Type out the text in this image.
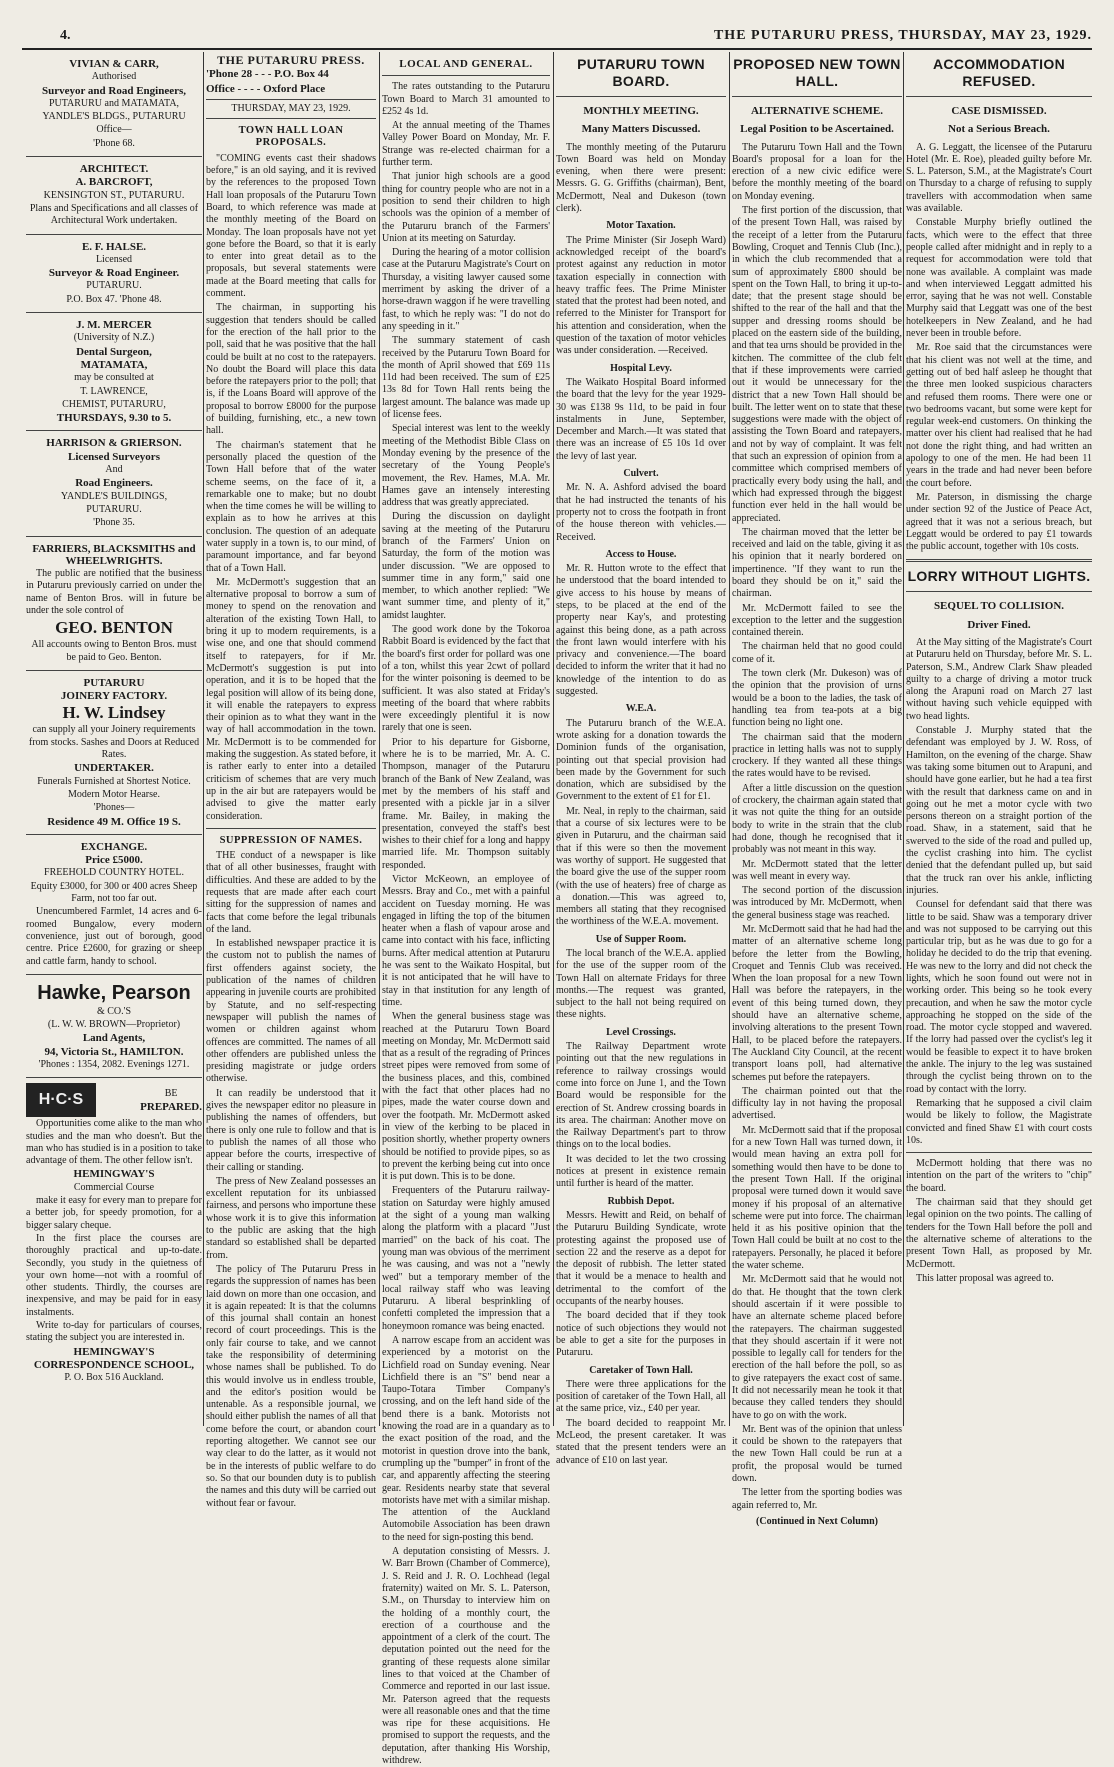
4.	THE PUTARURU PRESS, THURSDAY, MAY 23, 1929.

VIVIAN & CARR,

Authorised

Surveyor and Road Engineers,

PUTARURU and MATAMATA,

YANDLE'S BLDGS., PUTARURU

Office—

'Phone 68.

ARCHITECT.

A. BARCROFT,

KENSINGTON ST., PUTARURU.

Plans and Specifications and all classes of Architectural Work undertaken.

E. F. HALSE.

Licensed

Surveyor & Road Engineer.

PUTARURU.

P.O. Box 47. 'Phone 48.

J. M. MERCER

(University of N.Z.)

Dental Surgeon,

MATAMATA,

may be consulted at

T. LAWRENCE,

CHEMIST, PUTARURU,

THURSDAYS, 9.30 to 5.

HARRISON & GRIERSON.

Licensed Surveyors

And

Road Engineers.

YANDLE'S BUILDINGS,

PUTARURU.

'Phone 35.

FARRIERS, BLACKSMITHS and WHEELWRIGHTS.

The public are notified that the business in Putaruru previously carried on under the name of Benton Bros. will in future be under the sole control of

GEO. BENTON

All accounts owing to Benton Bros. must be paid to Geo. Benton.

PUTARURU

JOINERY FACTORY.

H. W. Lindsey

can supply all your Joinery requirements from stocks. Sashes and Doors at Reduced Rates.

UNDERTAKER.

Funerals Furnished at Shortest Notice.

Modern Motor Hearse.

'Phones—

Residence 49 M. Office 19 S.

EXCHANGE.

Price £5000.

FREEHOLD COUNTRY HOTEL.

Equity £3000, for 300 or 400 acres Sheep Farm, not too far out.

Unencumbered Farmlet, 14 acres and 6-roomed Bungalow, every modern convenience, just out of borough, good centre. Price £2600, for grazing or sheep and cattle farm, handy to school.

Hawke, Pearson

& CO.'S

(L. W. W. BROWN—Proprietor)

Land Agents,

94, Victoria St., HAMILTON.

'Phones : 1354, 2082. Evenings 1271.

H·C·S	BE

PREPARED.

Opportunities come alike to the man who studies and the man who doesn't. But the man who has studied is in a position to take advantage of them. The other fellow isn't.

HEMINGWAY'S

Commercial Course

make it easy for every man to prepare for a better job, for speedy promotion, for a bigger salary cheque.

In the first place the courses are thoroughly practical and up-to-date. Secondly, you study in the quietness of your own home—not with a roomful of other students. Thirdly, the courses are inexpensive, and may be paid for in easy instalments.

Write to-day for particulars of courses, stating the subject you are interested in.

HEMINGWAY'S

CORRESPONDENCE SCHOOL,

P. O. Box 516 Auckland.

THE PUTARURU PRESS.

'Phone 28 - - - P.O. Box 44

Office - - - - Oxford Place

THURSDAY, MAY 23, 1929.

TOWN HALL LOAN PROPOSALS.

"COMING events cast their shadows before," is an old saying, and it is revived by the references to the proposed Town Hall loan proposals of the Putaruru Town Board, to which reference was made at the monthly meeting of the Board on Monday. The loan proposals have not yet gone before the Board, so that it is early to enter into great detail as to the proposals, but several statements were made at the Board meeting that calls for comment.

The chairman, in supporting his suggestion that tenders should be called for the erection of the hall prior to the poll, said that he was positive that the hall could be built at no cost to the ratepayers. No doubt the Board will place this data before the ratepayers prior to the poll; that is, if the Loans Board will approve of the proposal to borrow £8000 for the purpose of building, furnishing, etc., a new town hall.

The chairman's statement that he personally placed the question of the Town Hall before that of the water scheme seems, on the face of it, a remarkable one to make; but no doubt when the time comes he will be willing to explain as to how he arrives at this conclusion. The question of an adequate water supply in a town is, to our mind, of paramount importance, and far beyond that of a Town Hall.

Mr. McDermott's suggestion that an alternative proposal to borrow a sum of money to spend on the renovation and alteration of the existing Town Hall, to bring it up to modern requirements, is a wise one, and one that should commend itself to ratepayers, for if Mr. McDermott's suggestion is put into operation, and it is to be hoped that the legal position will allow of its being done, it will enable the ratepayers to express their opinion as to what they want in the way of hall accommodation in the town. Mr. McDermott is to be commended for making the suggestion. As stated before, it is rather early to enter into a detailed criticism of schemes that are very much up in the air but are ratepayers would be advised to give the matter early consideration.

SUPPRESSION OF NAMES.

THE conduct of a newspaper is like that of all other businesses, fraught with difficulties. And these are added to by the requests that are made after each court sitting for the suppression of names and facts that come before the legal tribunals of the land.

In established newspaper practice it is the custom not to publish the names of first offenders against society, the publication of the names of children appearing in juvenile courts are prohibited by Statute, and no self-respecting newspaper will publish the names of women or children against whom offences are committed. The names of all other offenders are published unless the presiding magistrate or judge orders otherwise.

It can readily be understood that it gives the newspaper editor no pleasure in publishing the names of offenders, but there is only one rule to follow and that is to publish the names of all those who appear before the courts, irrespective of their calling or standing.

The press of New Zealand possesses an excellent reputation for its unbiassed fairness, and persons who importune these whose work it is to give this information to the public are asking that the high standard so established shall be departed from.

The policy of The Putaruru Press in regards the suppression of names has been laid down on more than one occasion, and it is again repeated: It is that the columns of this journal shall contain an honest record of court proceedings. This is the only fair course to take, and we cannot take the responsibility of determining whose names shall be published. To do this would involve us in endless trouble, and the editor's position would be untenable. As a responsible journal, we should either publish the names of all that come before the court, or abandon court reporting altogether. We cannot see our way clear to do the latter, as it would not be in the interests of public welfare to do so. So that our bounden duty is to publish the names and this duty will be carried out without fear or favour.

LOCAL AND GENERAL.

The rates outstanding to the Putaruru Town Board to March 31 amounted to £252 4s 1d.

At the annual meeting of the Thames Valley Power Board on Monday, Mr. F. Strange was re-elected chairman for a further term.

That junior high schools are a good thing for country people who are not in a position to send their children to high schools was the opinion of a member of the Putaruru branch of the Farmers' Union at its meeting on Saturday.

During the hearing of a motor collision case at the Putaruru Magistrate's Court on Thursday, a visiting lawyer caused some merriment by asking the driver of a horse-drawn waggon if he were travelling fast, to which he reply was: "I do not do any speeding in it."

The summary statement of cash received by the Putaruru Town Board for the month of April showed that £69 11s 11d had been received. The sum of £25 13s 8d for Town Hall rents being the largest amount. The balance was made up of license fees.

Special interest was lent to the weekly meeting of the Methodist Bible Class on Monday evening by the presence of the secretary of the Young People's movement, the Rev. Hames, M.A. Mr. Hames gave an intensely interesting address that was greatly appreciated.

During the discussion on daylight saving at the meeting of the Putaruru branch of the Farmers' Union on Saturday, the form of the motion was under discussion. "We are opposed to summer time in any form," said one member, to which another replied: "We want summer time, and plenty of it," amidst laughter.

The good work done by the Tokoroa Rabbit Board is evidenced by the fact that the board's first order for pollard was one of a ton, whilst this year 2cwt of pollard for the winter poisoning is deemed to be sufficient. It was also stated at Friday's meeting of the board that where rabbits were exceedingly plentiful it is now rarely that one is seen.

Prior to his departure for Gisborne, where he is to be married, Mr. A. C. Thompson, manager of the Putaruru branch of the Bank of New Zealand, was met by the members of his staff and presented with a pickle jar in a silver frame. Mr. Bailey, in making the presentation, conveyed the staff's best wishes to their chief for a long and happy married life. Mr. Thompson suitably responded.

Victor McKeown, an employee of Messrs. Bray and Co., met with a painful accident on Tuesday morning. He was engaged in lifting the top of the bitumen heater when a flash of vapour arose and came into contact with his face, inflicting burns. After medical attention at Putaruru he was sent to the Waikato Hospital, but it is not anticipated that he will have to stay in that institution for any length of time.

When the general business stage was reached at the Putaruru Town Board meeting on Monday, Mr. McDermott said that as a result of the regrading of Princes street pipes were removed from some of the business places, and this, combined with the fact that other places had no pipes, made the water course down and over the footpath. Mr. McDermott asked in view of the kerbing to be placed in position shortly, whether property owners should be notified to provide pipes, so as to prevent the kerbing being cut into once it is put down. This is to be done.

Frequenters of the Putaruru railway-station on Saturday were highly amused at the sight of a young man walking along the platform with a placard "Just married" on the back of his coat. The young man was obvious of the merriment he was causing, and was not a "newly wed" but a temporary member of the local railway staff who was leaving Putaruru. A liberal besprinkling of confetti completed the impression that a honeymoon romance was being enacted.

A narrow escape from an accident was experienced by a motorist on the Lichfield road on Sunday evening. Near Lichfield there is an "S" bend near a Taupo-Totara Timber Company's crossing, and on the left hand side of the bend there is a bank. Motorists not knowing the road are in a quandary as to the exact position of the road, and the motorist in question drove into the bank, crumpling up the "bumper" in front of the car, and apparently affecting the steering gear. Residents nearby state that several motorists have met with a similar mishap. The attention of the Auckland Automobile Association has been drawn to the need for sign-posting this bend.

A deputation consisting of Messrs. J. W. Barr Brown (Chamber of Commerce), J. S. Reid and J. R. O. Lochhead (legal fraternity) waited on Mr. S. L. Paterson, S.M., on Thursday to interview him on the holding of a monthly court, the erection of a courthouse and the appointment of a clerk of the court. The deputation pointed out the need for the granting of these requests alone similar lines to that voiced at the Chamber of Commerce and reported in our last issue. Mr. Paterson agreed that the requests were all reasonable ones and that the time was ripe for these acquisitions. He promised to support the requests, and the deputation, after thanking His Worship, withdrew.

PUTARURU TOWN BOARD.

MONTHLY MEETING.

Many Matters Discussed.

The monthly meeting of the Putaruru Town Board was held on Monday evening, when there were present: Messrs. G. G. Griffiths (chairman), Bent, McDermott, Neal and Dukeson (town clerk).

Motor Taxation.

The Prime Minister (Sir Joseph Ward) acknowledged receipt of the board's protest against any reduction in motor taxation especially in connection with heavy traffic fees. The Prime Minister stated that the protest had been noted, and referred to the Minister for Transport for his attention and consideration, when the question of the taxation of motor vehicles was under consideration. —Received.

Hospital Levy.

The Waikato Hospital Board informed the board that the levy for the year 1929-30 was £138 9s 11d, to be paid in four instalments in June, September, December and March.—It was stated that there was an increase of £5 10s 1d over the levy of last year.

Culvert.

Mr. N. A. Ashford advised the board that he had instructed the tenants of his property not to cross the footpath in front of the house thereon with vehicles.—Received.

Access to House.

Mr. R. Hutton wrote to the effect that he understood that the board intended to give access to his house by means of steps, to be placed at the end of the property near Kay's, and protesting against this being done, as a path across the front lawn would interfere with his privacy and convenience.—The board decided to inform the writer that it had no knowledge of the intention to do as suggested.

W.E.A.

The Putaruru branch of the W.E.A. wrote asking for a donation towards the Dominion funds of the organisation, pointing out that special provision had been made by the Government for such donation, which are subsidised by the Government to the extent of £1 for £1.

Mr. Neal, in reply to the chairman, said that a course of six lectures were to be given in Putaruru, and the chairman said that if this were so then the movement was worthy of support. He suggested that the board give the use of the supper room (with the use of heaters) free of charge as a donation.—This was agreed to, members all stating that they recognised the worthiness of the W.E.A. movement.

Use of Supper Room.

The local branch of the W.E.A. applied for the use of the supper room of the Town Hall on alternate Fridays for three months.—The request was granted, subject to the hall not being required on these nights.

Level Crossings.

The Railway Department wrote pointing out that the new regulations in reference to railway crossings would come into force on June 1, and the Town Board would be responsible for the erection of St. Andrew crossing boards in its area. The chairman: Another move on the Railway Department's part to throw things on to the local bodies.

It was decided to let the two crossing notices at present in existence remain until further is heard of the matter.

Rubbish Depot.

Messrs. Hewitt and Reid, on behalf of the Putaruru Building Syndicate, wrote protesting against the proposed use of section 22 and the reserve as a depot for the deposit of rubbish. The letter stated that it would be a menace to health and detrimental to the comfort of the occupants of the nearby houses.

The board decided that if they took notice of such objections they would not be able to get a site for the purposes in Putaruru.

Caretaker of Town Hall.

There were three applications for the position of caretaker of the Town Hall, all at the same price, viz., £40 per year.

The board decided to reappoint Mr. McLeod, the present caretaker. It was stated that the present tenders were an advance of £10 on last year.

PROPOSED NEW TOWN HALL.

ALTERNATIVE SCHEME.

Legal Position to be Ascertained.

The Putaruru Town Hall and the Town Board's proposal for a loan for the erection of a new civic edifice were before the monthly meeting of the board on Monday evening.

The first portion of the discussion, that of the present Town Hall, was raised by the receipt of a letter from the Putaruru Bowling, Croquet and Tennis Club (Inc.), in which the club recommended that a sum of approximately £800 should be spent on the Town Hall, to bring it up-to-date; that the present stage should be shifted to the rear of the hall and that the supper and dressing rooms should be placed on the eastern side of the building, and that tea urns should be provided in the kitchen. The committee of the club felt that if these improvements were carried out it would be unnecessary for the district that a new Town Hall should be built. The letter went on to state that these suggestions were made with the object of assisting the Town Board and ratepayers, and not by way of complaint. It was felt that such an expression of opinion from a committee which comprised members of practically every body using the hall, and which had expressed through the biggest function ever held in the hall would be appreciated.

The chairman moved that the letter be received and laid on the table, giving it as his opinion that it nearly bordered on impertinence. "If they want to run the board they should be on it," said the chairman.

Mr. McDermott failed to see the exception to the letter and the suggestion contained therein.

The chairman held that no good could come of it.

The town clerk (Mr. Dukeson) was of the opinion that the provision of urns would be a boon to the ladies, the task of handling tea from tea-pots at a big function being no light one.

The chairman said that the modern practice in letting halls was not to supply crockery. If they wanted all these things the rates would have to be revised.

After a little discussion on the question of crockery, the chairman again stated that it was not quite the thing for an outside body to write in the strain that the club had done, though he recognised that it probably was not meant in this way.

Mr. McDermott stated that the letter was well meant in every way.

The second portion of the discussion was introduced by Mr. McDermott, when the general business stage was reached.

Mr. McDermott said that he had had the matter of an alternative scheme long before the letter from the Bowling, Croquet and Tennis Club was received. When the loan proposal for a new Town Hall was before the ratepayers, in the event of this being turned down, they should have an alternative scheme, involving alterations to the present Town Hall, to be placed before the ratepayers. The Auckland City Council, at the recent transport loans poll, had alternative schemes put before the ratepayers.

The chairman pointed out that the difficulty lay in not having the proposal advertised.

Mr. McDermott said that if the proposal for a new Town Hall was turned down, it would mean having an extra poll for something would then have to be done to the present Town Hall. If the original proposal were turned down it would save money if his proposal of an alternative scheme were put into force. The chairman held it as his positive opinion that the Town Hall could be built at no cost to the ratepayers. Personally, he placed it before the water scheme.

Mr. McDermott said that he would not do that. He thought that the town clerk should ascertain if it were possible to have an alternate scheme placed before the ratepayers. The chairman suggested that they should ascertain if it were not possible to legally call for tenders for the erection of the hall before the poll, so as to give ratepayers the exact cost of same. It did not necessarily mean he took it that because they called tenders they should have to go on with the work.

Mr. Bent was of the opinion that unless it could be shown to the ratepayers that the new Town Hall could be run at a profit, the proposal would be turned down.

The letter from the sporting bodies was again referred to, Mr.

(Continued in Next Column)

ACCOMMODATION REFUSED.

CASE DISMISSED.

Not a Serious Breach.

A. G. Leggatt, the licensee of the Putaruru Hotel (Mr. E. Roe), pleaded guilty before Mr. S. L. Paterson, S.M., at the Magistrate's Court on Thursday to a charge of refusing to supply travellers with accommodation when same was available.

Constable Murphy briefly outlined the facts, which were to the effect that three people called after midnight and in reply to a request for accommodation were told that none was available. A complaint was made and when interviewed Leggatt admitted his error, saying that he was not well. Constable Murphy said that Leggatt was one of the best hotelkeepers in New Zealand, and he had never been in trouble before.

Mr. Roe said that the circumstances were that his client was not well at the time, and getting out of bed half asleep he thought that the three men looked suspicious characters and refused them rooms. There were one or two bedrooms vacant, but some were kept for regular week-end customers. On thinking the matter over his client had realised that he had not done the right thing, and had written an apology to one of the men. He had been 11 years in the trade and had never been before the court before.

Mr. Paterson, in dismissing the charge under section 92 of the Justice of Peace Act, agreed that it was not a serious breach, but Leggatt would be ordered to pay £1 towards the public account, together with 10s costs.

LORRY WITHOUT LIGHTS.

SEQUEL TO COLLISION.

Driver Fined.

At the May sitting of the Magistrate's Court at Putaruru held on Thursday, before Mr. S. L. Paterson, S.M., Andrew Clark Shaw pleaded guilty to a charge of driving a motor truck along the Arapuni road on March 27 last without having such vehicle equipped with two head lights.

Constable J. Murphy stated that the defendant was employed by J. W. Ross, of Hamilton, on the evening of the charge. Shaw was taking some bitumen out to Arapuni, and should have gone earlier, but he had a tea first with the result that darkness came on and in going out he met a motor cycle with two persons thereon on a straight portion of the road. Shaw, in a statement, said that he swerved to the side of the road and pulled up, the cyclist crashing into him. The cyclist denied that the defendant pulled up, but said that the truck ran over his ankle, inflicting injuries.

Counsel for defendant said that there was little to be said. Shaw was a temporary driver and was not supposed to be carrying out this particular trip, but as he was due to go for a holiday he decided to do the trip that evening. He was new to the lorry and did not check the lights, which he soon found out were not in working order. This being so he took every precaution, and when he saw the motor cycle approaching he stopped on the side of the road. The motor cycle stopped and wavered. If the lorry had passed over the cyclist's leg it would be feasible to expect it to have broken the ankle. The injury to the leg was sustained through the cyclist being thrown on to the road by contact with the lorry.

Remarking that he supposed a civil claim would be likely to follow, the Magistrate convicted and fined Shaw £1 with court costs 10s.

McDermott holding that there was no intention on the part of the writers to "chip" the board.

The chairman said that they should get legal opinion on the two points. The calling of tenders for the Town Hall before the poll and the alternative scheme of alterations to the present Town Hall, as proposed by Mr. McDermott.

This latter proposal was agreed to.
